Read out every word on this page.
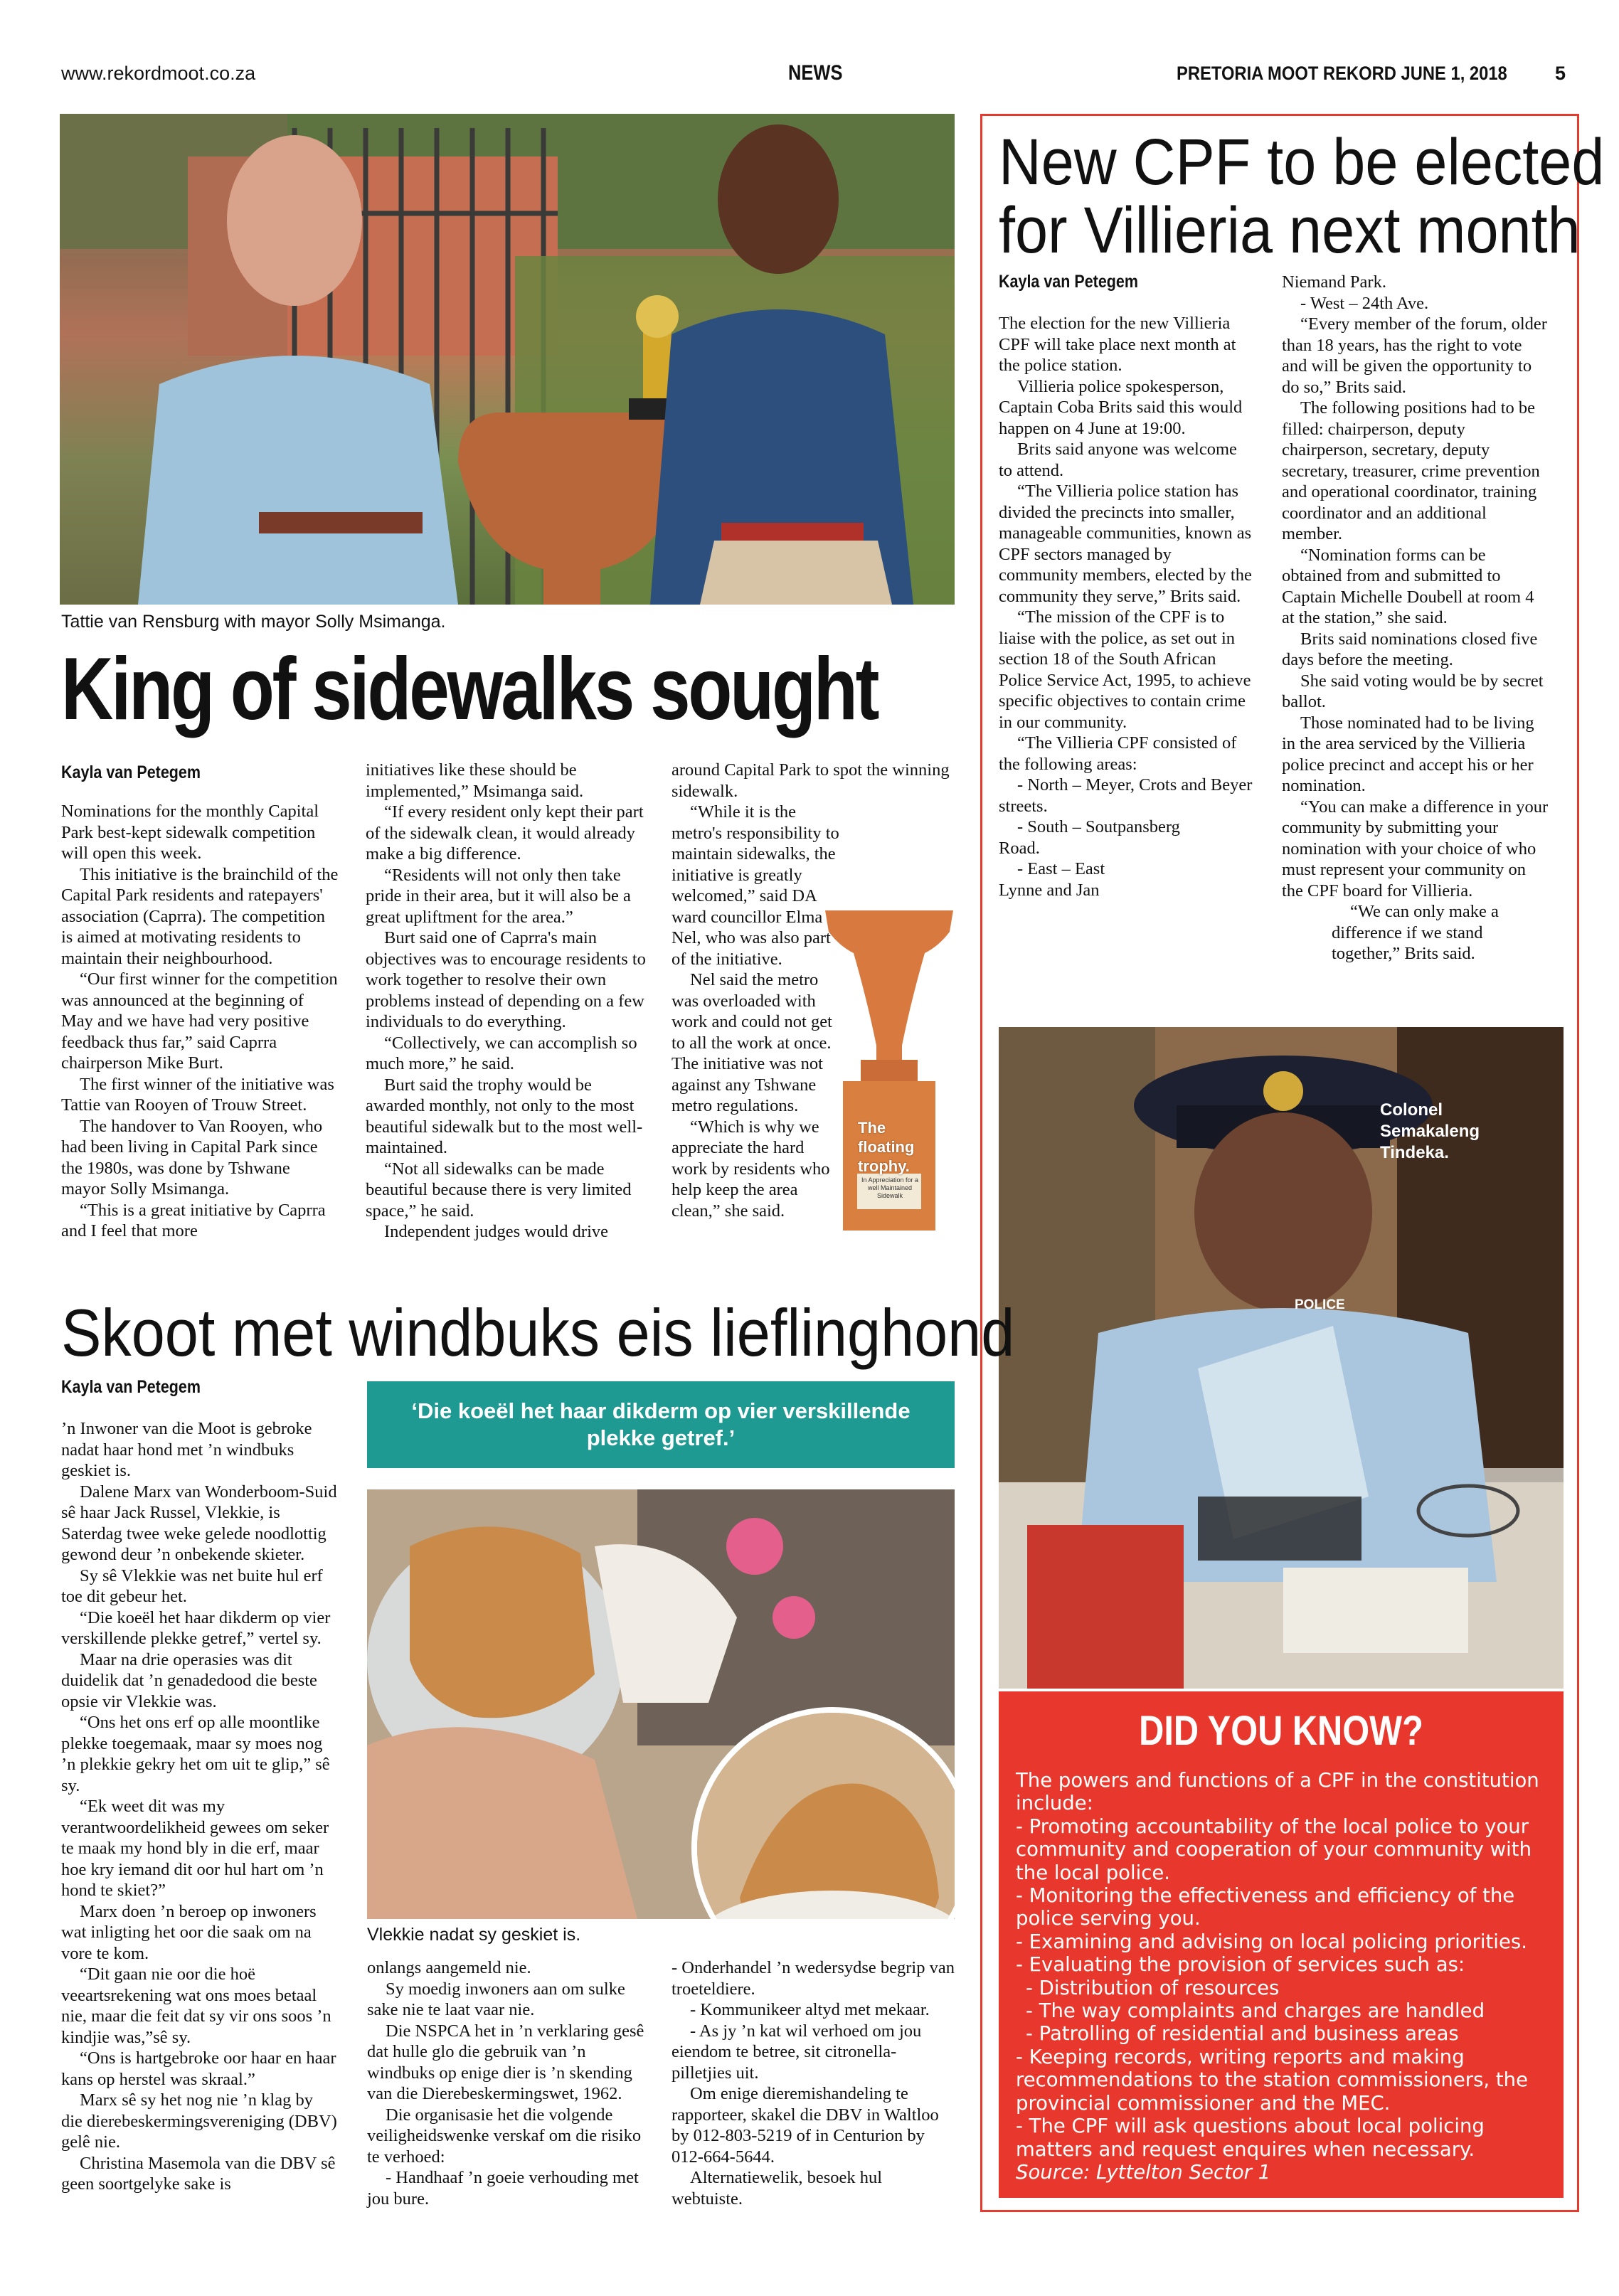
www.rekordmoot.co.za	NEWS	PRETORIA MOOT REKORD JUNE 1, 2018 5
Tattie van Rensburg with mayor Solly Msimanga.
King of sidewalks sought
Kayla van Petegem

Nominations for the monthly Capital Park best-kept sidewalk competition will open this week.

This initiative is the brainchild of the Capital Park residents and ratepayers' association (Caprra). The competition is aimed at motivating residents to maintain their neighbourhood.

“Our first winner for the competition was announced at the beginning of May and we have had very positive feedback thus far,” said Caprra chairperson Mike Burt.

The first winner of the initiative was Tattie van Rooyen of Trouw Street.

The handover to Van Rooyen, who had been living in Capital Park since the 1980s, was done by Tshwane mayor Solly Msimanga.

“This is a great initiative by Caprra and I feel that more

initiatives like these should be implemented,” Msimanga said.

“If every resident only kept their part of the sidewalk clean, it would already make a big difference.

“Residents will not only then take pride in their area, but it will also be a great upliftment for the area.”

Burt said one of Caprra's main objectives was to encourage residents to work together to resolve their own problems instead of depending on a few individuals to do everything.

“Collectively, we can accomplish so much more,” he said.

Burt said the trophy would be awarded monthly, not only to the most beautiful sidewalk but to the most well-maintained.

“Not all sidewalks can be made beautiful because there is very limited space,” he said.

Independent judges would drive

around Capital Park to spot the winning sidewalk.

“While it is the metro's responsibility to maintain sidewalks, the initiative is greatly welcomed,” said DA ward councillor Elma Nel, who was also part of the initiative.

Nel said the metro was overloaded with work and could not get to all the work at once. The initiative was not against any Tshwane metro regulations.

“Which is why we appreciate the hard work by residents who help keep the area clean,” she said.

In Appreciation for a well Maintained Sidewalk
The floating trophy.
New CPF to be elected
for Villieria next month
Kayla van Petegem

The election for the new Villieria CPF will take place next month at the police station.

Villieria police spokesperson, Captain Coba Brits said this would happen on 4 June at 19:00.

Brits said anyone was welcome to attend.

“The Villieria police station has divided the precincts into smaller, manageable communities, known as CPF sectors managed by community members, elected by the community they serve,” Brits said.

“The mission of the CPF is to liaise with the police, as set out in section 18 of the South African Police Service Act, 1995, to achieve specific objectives to contain crime in our community.

“The Villieria CPF consisted of the following areas:

- North – Meyer, Crots and Beyer streets.

- South – Soutpansberg Road.

- East – East Lynne and Jan

Niemand Park.

- West – 24th Ave.

“Every member of the forum, older than 18 years, has the right to vote and will be given the opportunity to do so,” Brits said.

The following positions had to be filled: chairperson, deputy chairperson, secretary, deputy secretary, treasurer, crime prevention and operational coordinator, training coordinator and an additional member.

“Nomination forms can be obtained from and submitted to Captain Michelle Doubell at room 4 at the station,” she said.

Brits said nominations closed five days before the meeting.

She said voting would be by secret ballot.

Those nominated had to be living in the area serviced by the Villieria police precinct and accept his or her nomination.

“You can make a difference in your community by submitting your nomination with your choice of who must represent your community on the CPF board for Villieria.

“We can only make a difference if we stand together,” Brits said.

POLICE
Colonel Semakaleng Tindeka.
DID YOU KNOW?
The powers and functions of a CPF in the constitution
include:
- Promoting accountability of the local police to your
community and cooperation of your community with
the local police.
- Monitoring the effectiveness and efficiency of the
police serving you.
- Examining and advising on local policing priorities.
- Evaluating the provision of services such as:
- Distribution of resources
- The way complaints and charges are handled
- Patrolling of residential and business areas
- Keeping records, writing reports and making
recommendations to the station commissioners, the
provincial commissioner and the MEC.
- The CPF will ask questions about local policing
matters and request enquires when necessary.
Source: Lyttelton Sector 1
Skoot met windbuks eis lieflinghond
Kayla van Petegem
‘Die koeël het haar dikderm op vier verskillende plekke getref.’

’n Inwoner van die Moot is gebroke nadat haar hond met ’n windbuks geskiet is.

Dalene Marx van Wonderboom-Suid sê haar Jack Russel, Vlekkie, is Saterdag twee weke gelede noodlottig gewond deur ’n onbekende skieter.

Sy sê Vlekkie was net buite hul erf toe dit gebeur het.

“Die koeël het haar dikderm op vier verskillende plekke getref,” vertel sy.

Maar na drie operasies was dit duidelik dat ’n genadedood die beste opsie vir Vlekkie was.

“Ons het ons erf op alle moontlike plekke toegemaak, maar sy moes nog ’n plekkie gekry het om uit te glip,” sê sy.

“Ek weet dit was my verantwoordelikheid gewees om seker te maak my hond bly in die erf, maar hoe kry iemand dit oor hul hart om ’n hond te skiet?”

Marx doen ’n beroep op inwoners wat inligting het oor die saak om na vore te kom.

“Dit gaan nie oor die hoë veeartsrekening wat ons moes betaal nie, maar die feit dat sy vir ons soos ’n kindjie was,”sê sy.

“Ons is hartgebroke oor haar en haar kans op herstel was skraal.”

Marx sê sy het nog nie ’n klag by die dierebeskermingsvereniging (DBV) gelê nie.

Christina Masemola van die DBV sê geen soortgelyke sake is

Vlekkie nadat sy geskiet is.

onlangs aangemeld nie.

Sy moedig inwoners aan om sulke sake nie te laat vaar nie.

Die NSPCA het in ’n verklaring gesê dat hulle glo die gebruik van ’n windbuks op enige dier is ’n skending van die Dierebeskermingswet, 1962.

Die organisasie het die volgende veiligheidswenke verskaf om die risiko te verhoed:

- Handhaaf ’n goeie verhouding met jou bure.

- Onderhandel ’n wedersydse begrip van troeteldiere.

- Kommunikeer altyd met mekaar.

- As jy ’n kat wil verhoed om jou eiendom te betree, sit citronella-pilletjies uit.

Om enige dieremishandeling te rapporteer, skakel die DBV in Waltloo by 012-803-5219 of in Centurion by 012-664-5644.

Alternatiewelik, besoek hul webtuiste.
